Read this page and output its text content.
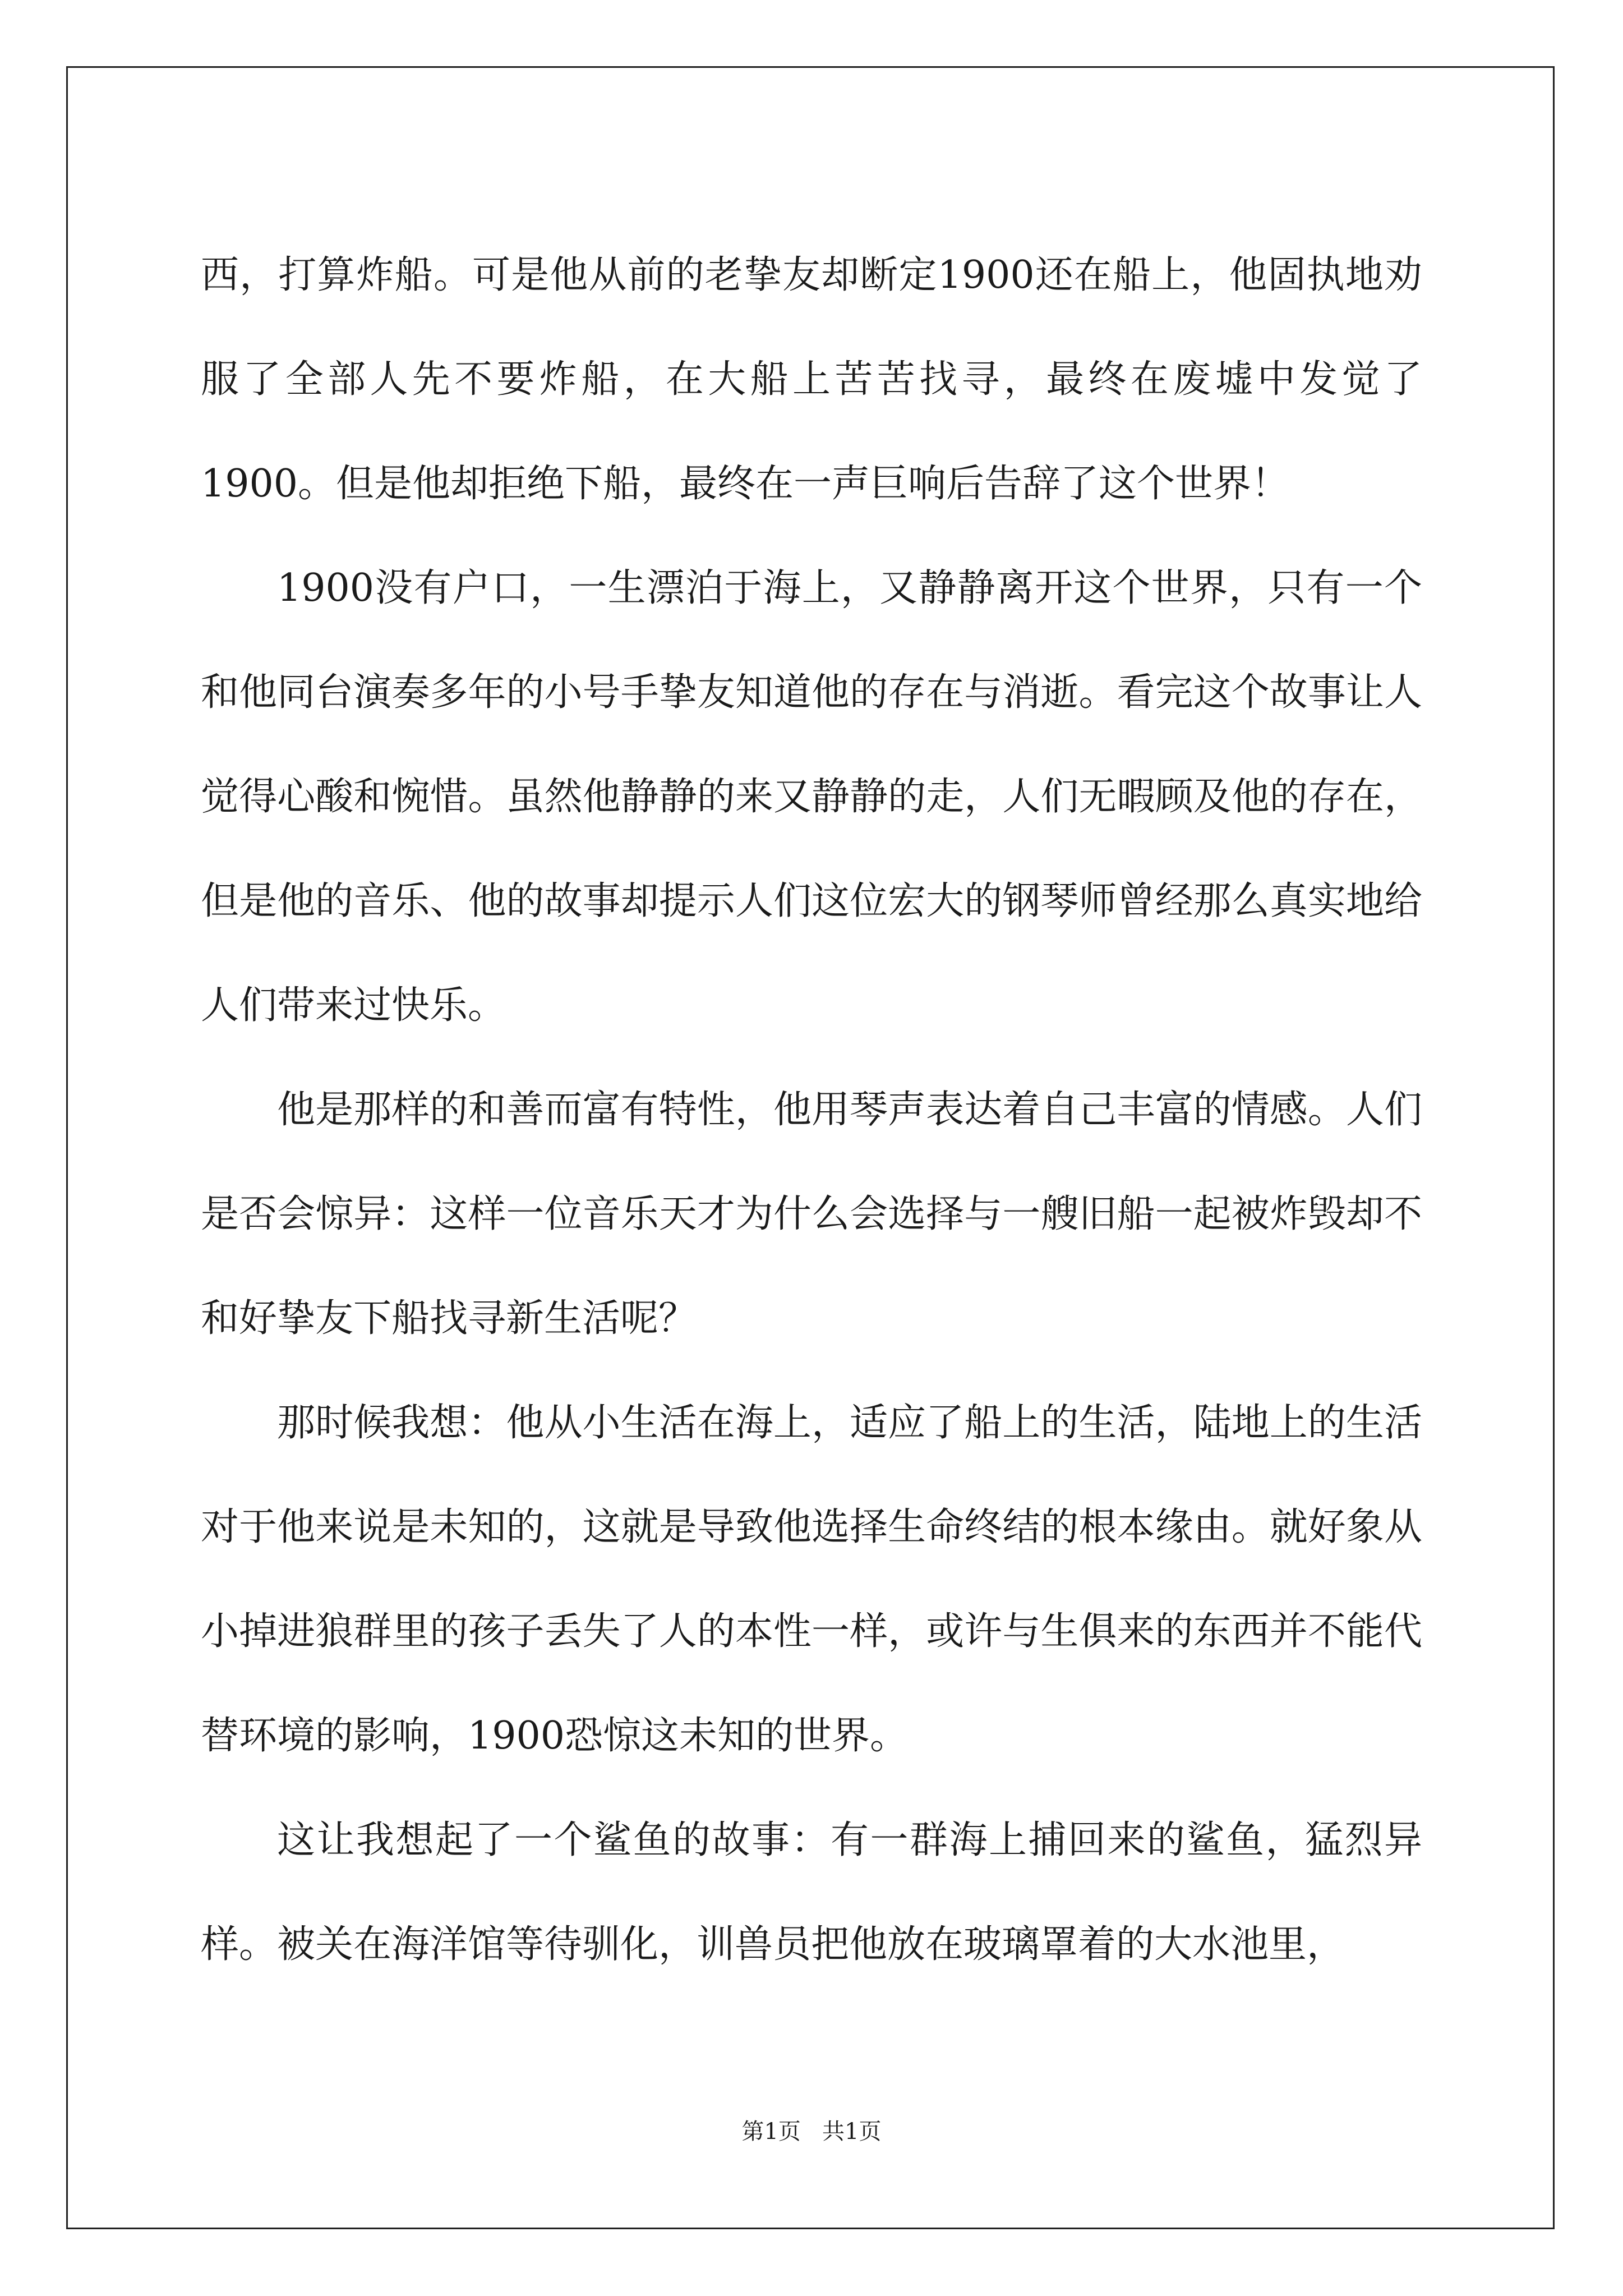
西，打算炸船。可是他从前的老挚友却断定1900还在船上，他固执地劝服了全部人先不要炸船，在大船上苦苦找寻，最终在废墟中发觉了1900。但是他却拒绝下船，最终在一声巨响后告辞了这个世界！

1900没有户口，一生漂泊于海上，又静静离开这个世界，只有一个和他同台演奏多年的小号手挚友知道他的存在与消逝。看完这个故事让人觉得心酸和惋惜。虽然他静静的来又静静的走，人们无暇顾及他的存在，但是他的音乐、他的故事却提示人们这位宏大的钢琴师曾经那么真实地给人们带来过快乐。

他是那样的和善而富有特性，他用琴声表达着自己丰富的情感。人们是否会惊异：这样一位音乐天才为什么会选择与一艘旧船一起被炸毁却不和好挚友下船找寻新生活呢？

那时候我想：他从小生活在海上，适应了船上的生活，陆地上的生活对于他来说是未知的，这就是导致他选择生命终结的根本缘由。就好象从小掉进狼群里的孩子丢失了人的本性一样，或许与生俱来的东西并不能代替环境的影响，1900恐惊这未知的世界。

这让我想起了一个鲨鱼的故事：有一群海上捕回来的鲨鱼，猛烈异样。被关在海洋馆等待驯化，训兽员把他放在玻璃罩着的大水池里，

第1页   共1页
